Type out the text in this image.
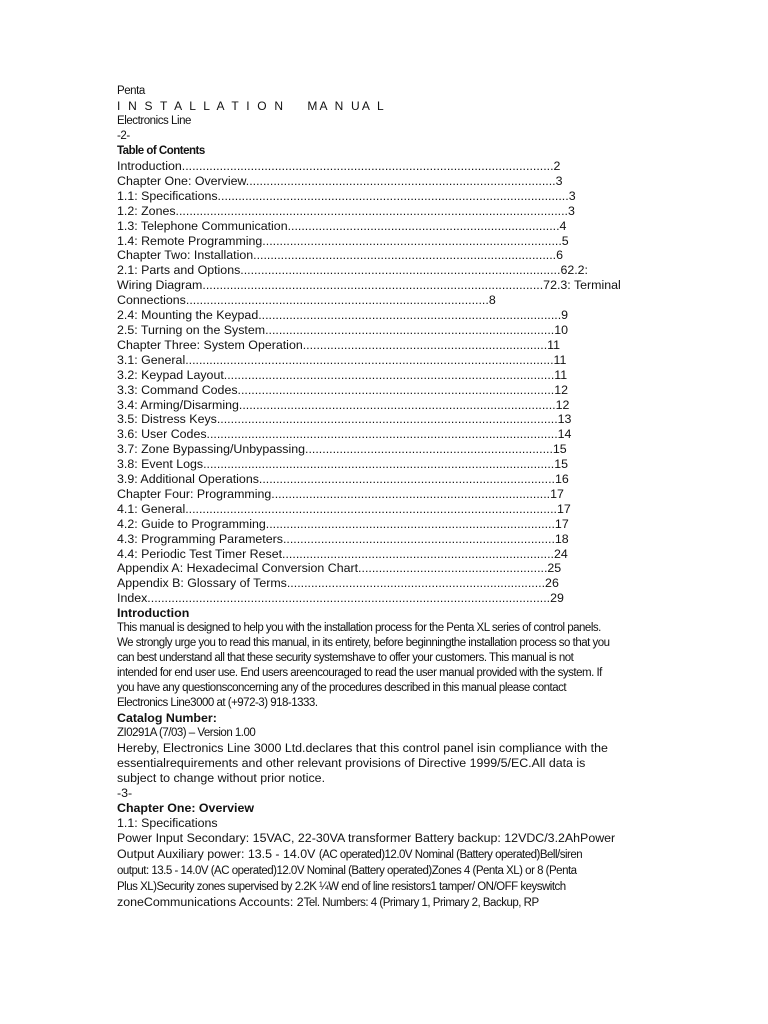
Penta
I N S T A L L A T I O N    MA N UA L
Electronics Line
-2-
Table of Contents
Introduction............................................................................................................2
Chapter One: Overview..........................................................................................3
1.1: Specifications......................................................................................................3
1.2: Zones..................................................................................................................3
1.3: Telephone Communication...............................................................................4
1.4: Remote Programming.......................................................................................5
Chapter Two: Installation........................................................................................6
2.1: Parts and Options.............................................................................................62.2:
Wiring Diagram...................................................................................................72.3: Terminal
Connections........................................................................................8
2.4: Mounting the Keypad........................................................................................9
2.5: Turning on the System....................................................................................10
Chapter Three: System Operation.......................................................................11
3.1: General...........................................................................................................11
3.2: Keypad Layout................................................................................................11
3.3: Command Codes............................................................................................12
3.4: Arming/Disarming............................................................................................12
3.5: Distress Keys...................................................................................................13
3.6: User Codes......................................................................................................14
3.7: Zone Bypassing/Unbypassing........................................................................15
3.8: Event Logs......................................................................................................15
3.9: Additional Operations......................................................................................16
Chapter Four: Programming.................................................................................17
4.1: General............................................................................................................17
4.2: Guide to Programming....................................................................................17
4.3: Programming Parameters...............................................................................18
4.4: Periodic Test Timer Reset...............................................................................24
Appendix A: Hexadecimal Conversion Chart.......................................................25
Appendix B: Glossary of Terms...........................................................................26
Index.....................................................................................................................29
Introduction
This manual is designed to help you with the installation process for the Penta XL series of control panels.
We strongly urge you to read this manual, in its entirety, before beginningthe installation process so that you
can best understand all that these security systemshave to offer your customers. This manual is not
intended for end user use. End users areencouraged to read the user manual provided with the system. If
you have any questionsconcerning any of the procedures described in this manual please contact
Electronics Line3000 at (+972-3) 918-1333.
Catalog Number:
ZI0291A (7/03) – Version 1.00
Hereby, Electronics Line 3000 Ltd.declares that this control panel isin compliance with the
essentialrequirements and other relevant provisions of Directive 1999/5/EC.All data is
subject to change without prior notice.
-3-
Chapter One: Overview
1.1: Specifications
Power Input Secondary: 15VAC, 22-30VA transformer Battery backup: 12VDC/3.2AhPower
Output Auxiliary power: 13.5 - 14.0V (AC operated)12.0V Nominal (Battery operated)Bell/siren
output: 13.5 - 14.0V (AC operated)12.0V Nominal (Battery operated)Zones 4 (Penta XL) or 8 (Penta
Plus XL)Security zones supervised by 2.2K ¼W end of line resistors1 tamper/ ON/OFF keyswitch
zoneCommunications Accounts: 2Tel. Numbers: 4 (Primary 1, Primary 2, Backup, RP
